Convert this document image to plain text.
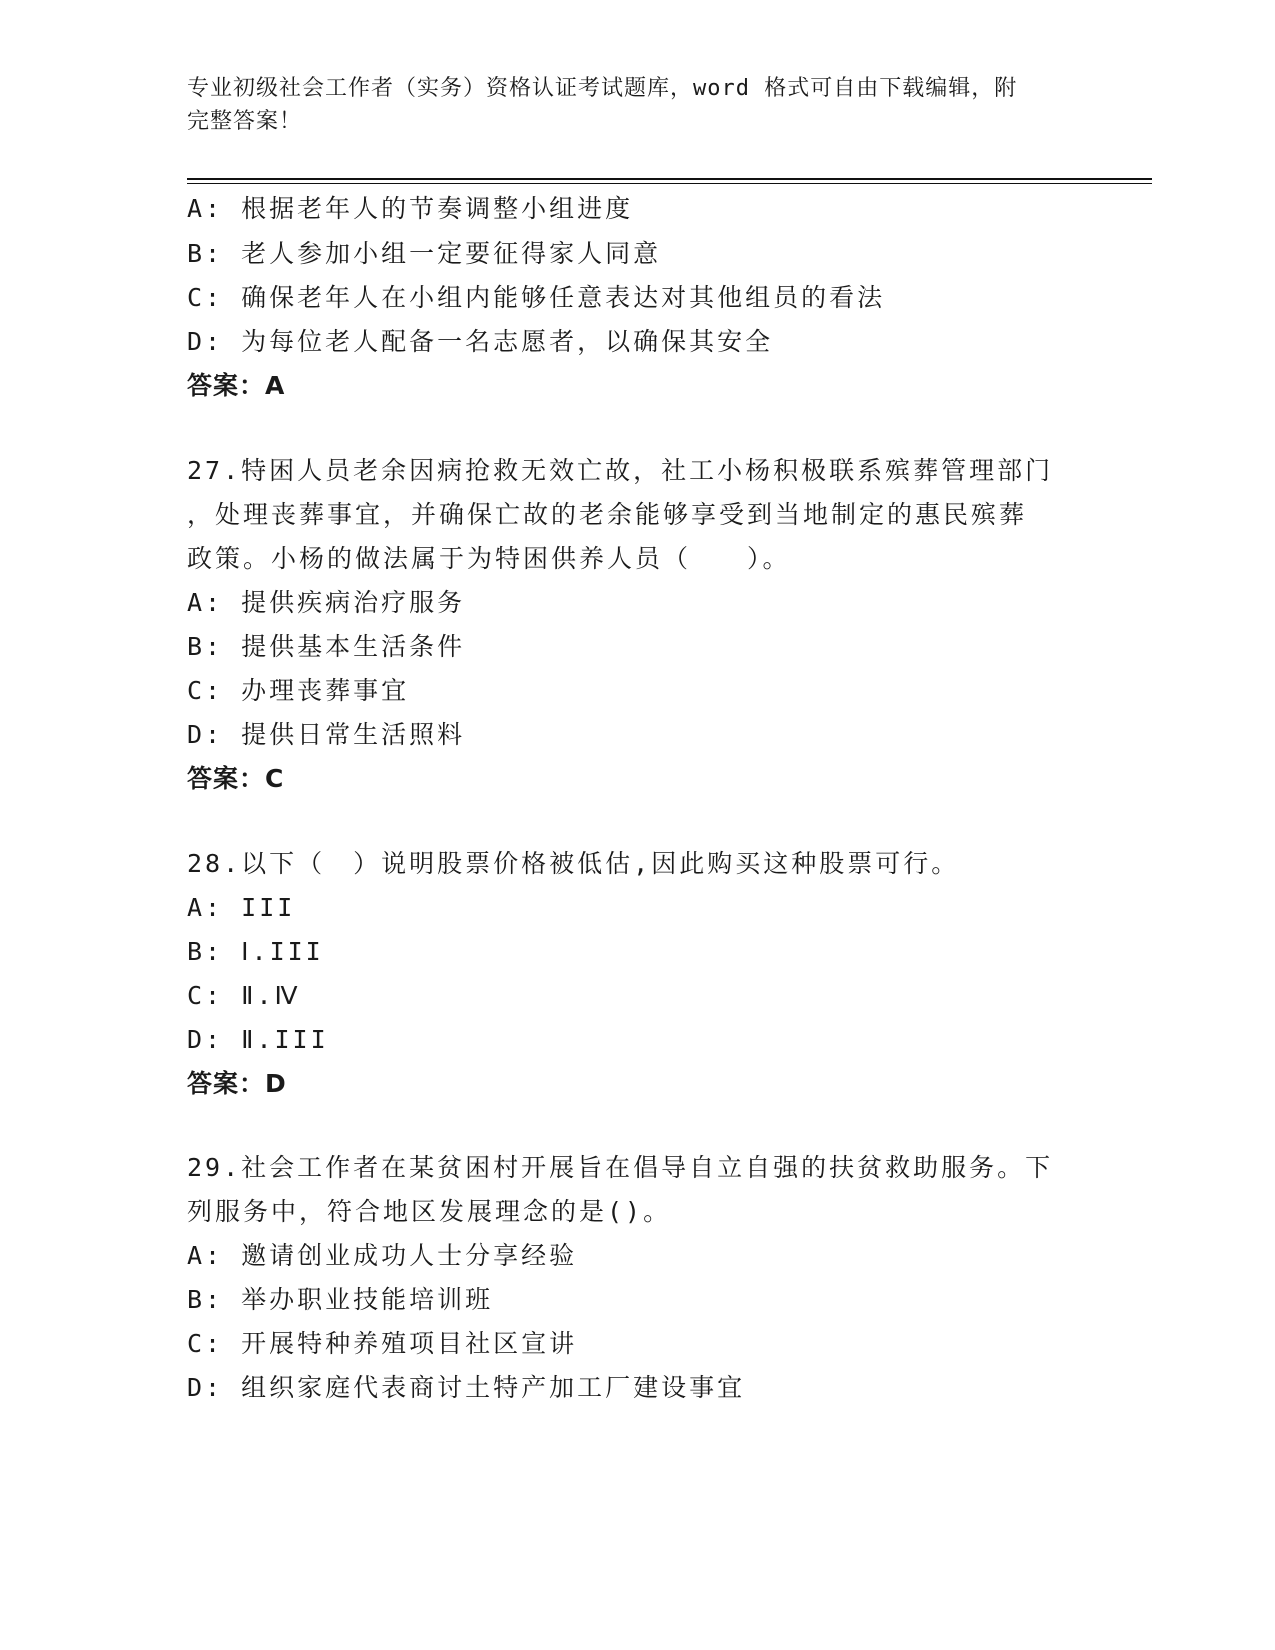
专业初级社会工作者（实务）资格认证考试题库，word 格式可自由下载编辑，附
完整答案！
A: 根据老年人的节奏调整小组进度
B: 老人参加小组一定要征得家人同意
C: 确保老年人在小组内能够任意表达对其他组员的看法
D: 为每位老人配备一名志愿者，以确保其安全
答案：A
27.特困人员老余因病抢救无效亡故，社工小杨积极联系殡葬管理部门
，处理丧葬事宜，并确保亡故的老余能够享受到当地制定的惠民殡葬
政策。小杨的做法属于为特困供养人员（　　）。
A: 提供疾病治疗服务
B: 提供基本生活条件
C: 办理丧葬事宜
D: 提供日常生活照料
答案：C
28.以下（　）说明股票价格被低估,因此购买这种股票可行。
A: III
B: Ⅰ.III
C: Ⅱ.Ⅳ
D: Ⅱ.III
答案：D
29.社会工作者在某贫困村开展旨在倡导自立自强的扶贫救助服务。下
列服务中，符合地区发展理念的是()。
A: 邀请创业成功人士分享经验
B: 举办职业技能培训班
C: 开展特种养殖项目社区宣讲
D: 组织家庭代表商讨土特产加工厂建设事宜
